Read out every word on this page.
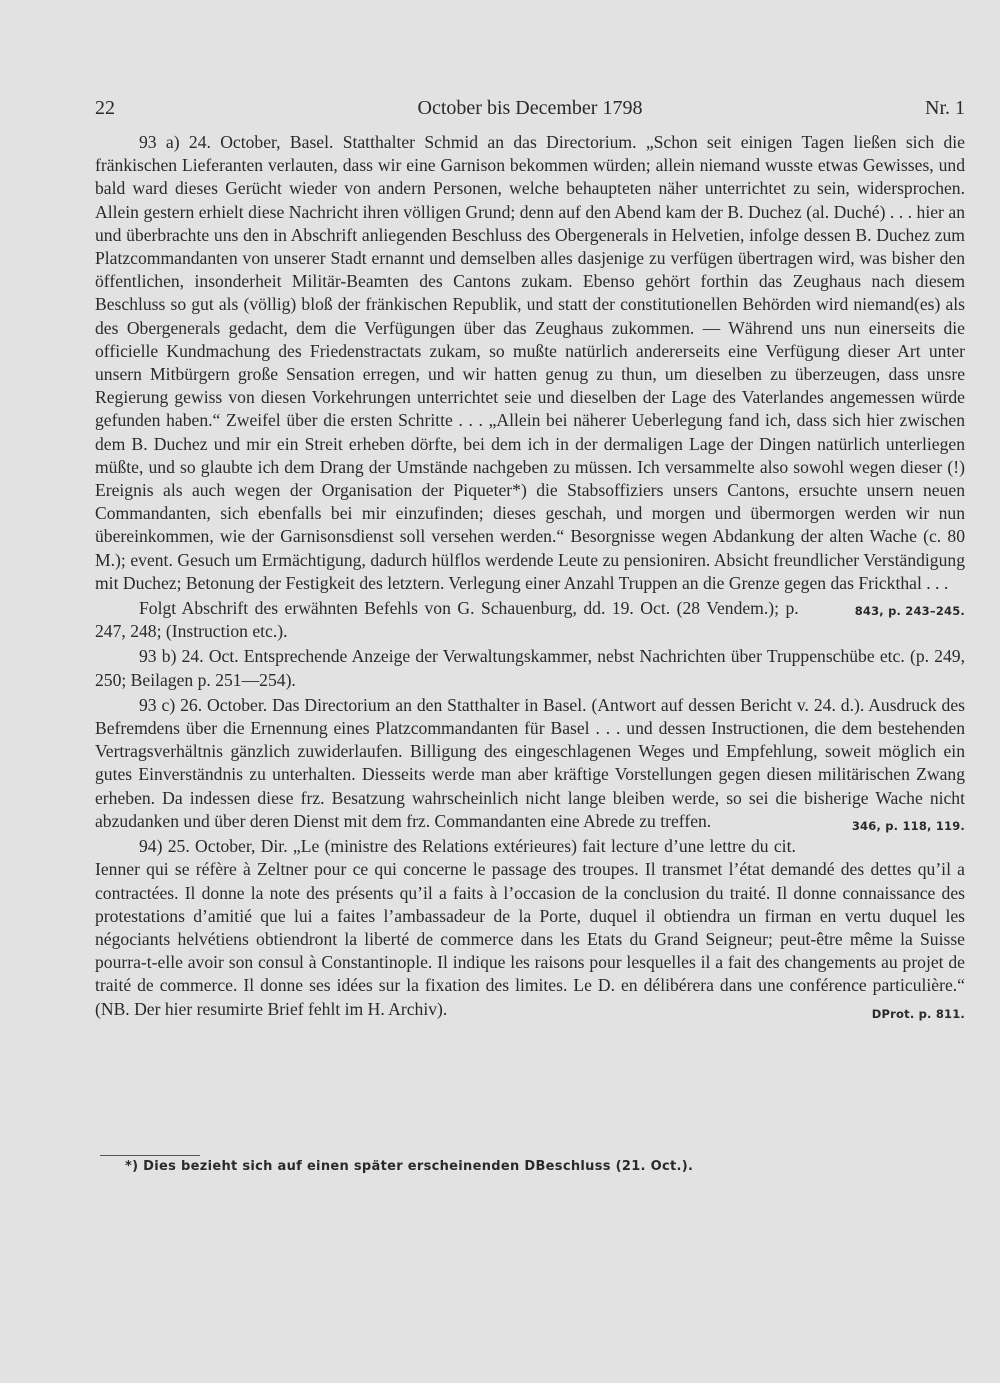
22	October bis December 1798	Nr. 1

93 a) 24. October, Basel. Statthalter Schmid an das Directorium. „Schon seit einigen Tagen ließen sich die fränkischen Lieferanten verlauten, dass wir eine Garnison bekommen würden; allein niemand wusste etwas Gewisses, und bald ward dieses Gerücht wieder von andern Personen, welche behaupteten näher unterrichtet zu sein, widersprochen. Allein gestern erhielt diese Nachricht ihren völligen Grund; denn auf den Abend kam der B. Duchez (al. Duché) . . . hier an und überbrachte uns den in Abschrift anliegenden Beschluss des Obergenerals in Helvetien, infolge dessen B. Duchez zum Platzcommandanten von unserer Stadt ernannt und demselben alles dasjenige zu verfügen übertragen wird, was bisher den öffentlichen, insonderheit Militär-Beamten des Cantons zukam. Ebenso gehört forthin das Zeughaus nach diesem Beschluss so gut als (völlig) bloß der fränkischen Republik, und statt der constitutionellen Behörden wird niemand(es) als des Obergenerals gedacht, dem die Verfügungen über das Zeughaus zukommen. — Während uns nun einerseits die officielle Kundmachung des Friedenstractats zukam, so mußte natürlich andererseits eine Verfügung dieser Art unter unsern Mitbürgern große Sensation erregen, und wir hatten genug zu thun, um dieselben zu überzeugen, dass unsre Regierung gewiss von diesen Vorkehrungen unterrichtet seie und dieselben der Lage des Vaterlandes angemessen würde gefunden haben.“ Zweifel über die ersten Schritte . . . „Allein bei näherer Ueberlegung fand ich, dass sich hier zwischen dem B. Duchez und mir ein Streit erheben dörfte, bei dem ich in der dermaligen Lage der Dingen natürlich unterliegen müßte, und so glaubte ich dem Drang der Umstände nachgeben zu müssen. Ich versammelte also sowohl wegen dieser (!) Ereignis als auch wegen der Organisation der Piqueter*) die Stabsoffiziers unsers Cantons, ersuchte unsern neuen Commandanten, sich ebenfalls bei mir einzufinden; dieses geschah, und morgen und übermorgen werden wir nun übereinkommen, wie der Garnisonsdienst soll versehen werden.“ Besorgnisse wegen Abdankung der alten Wache (c. 80 M.); event. Gesuch um Ermächtigung, dadurch hülflos werdende Leute zu pensioniren. Absicht freundlicher Verständigung mit Duchez; Betonung der Festigkeit des letztern. Verlegung einer Anzahl Truppen an die Grenze gegen das Frickthal . . .
843, p. 243–245.

Folgt Abschrift des erwähnten Befehls von G. Schauenburg, dd. 19. Oct. (28 Vendem.); p. 247, 248; (Instruction etc.).

93 b) 24. Oct. Entsprechende Anzeige der Verwaltungskammer, nebst Nachrichten über Truppenschübe etc. (p. 249, 250; Beilagen p. 251—254).

93 c) 26. October. Das Directorium an den Statthalter in Basel. (Antwort auf dessen Bericht v. 24. d.). Ausdruck des Befremdens über die Ernennung eines Platzcommandanten für Basel . . . und dessen Instructionen, die dem bestehenden Vertragsverhältnis gänzlich zuwiderlaufen. Billigung des eingeschlagenen Weges und Empfehlung, soweit möglich ein gutes Einverständnis zu unterhalten. Diesseits werde man aber kräftige Vorstellungen gegen diesen militärischen Zwang erheben. Da indessen diese frz. Besatzung wahrscheinlich nicht lange bleiben werde, so sei die bisherige Wache nicht abzudanken und über deren Dienst mit dem frz. Commandanten eine Abrede zu treffen.	346, p. 118, 119.

94) 25. October, Dir. „Le (ministre des Relations extérieures) fait lecture d’une lettre du cit. Ienner qui se réfère à Zeltner pour ce qui concerne le passage des troupes. Il transmet l’état demandé des dettes qu’il a contractées. Il donne la note des présents qu’il a faits à l’occasion de la conclusion du traité. Il donne connaissance des protestations d’amitié que lui a faites l’ambassadeur de la Porte, duquel il obtiendra un firman en vertu duquel les négociants helvétiens obtiendront la liberté de commerce dans les Etats du Grand Seigneur; peut-être même la Suisse pourra-t-elle avoir son consul à Constantinople. Il indique les raisons pour lesquelles il a fait des changements au projet de traité de commerce. Il donne ses idées sur la fixation des limites. Le D. en délibérera dans une conférence particulière.“ (NB. Der hier resumirte Brief fehlt im H. Archiv).	DProt. p. 811.

*) Dies bezieht sich auf einen später erscheinenden DBeschluss (21. Oct.).
